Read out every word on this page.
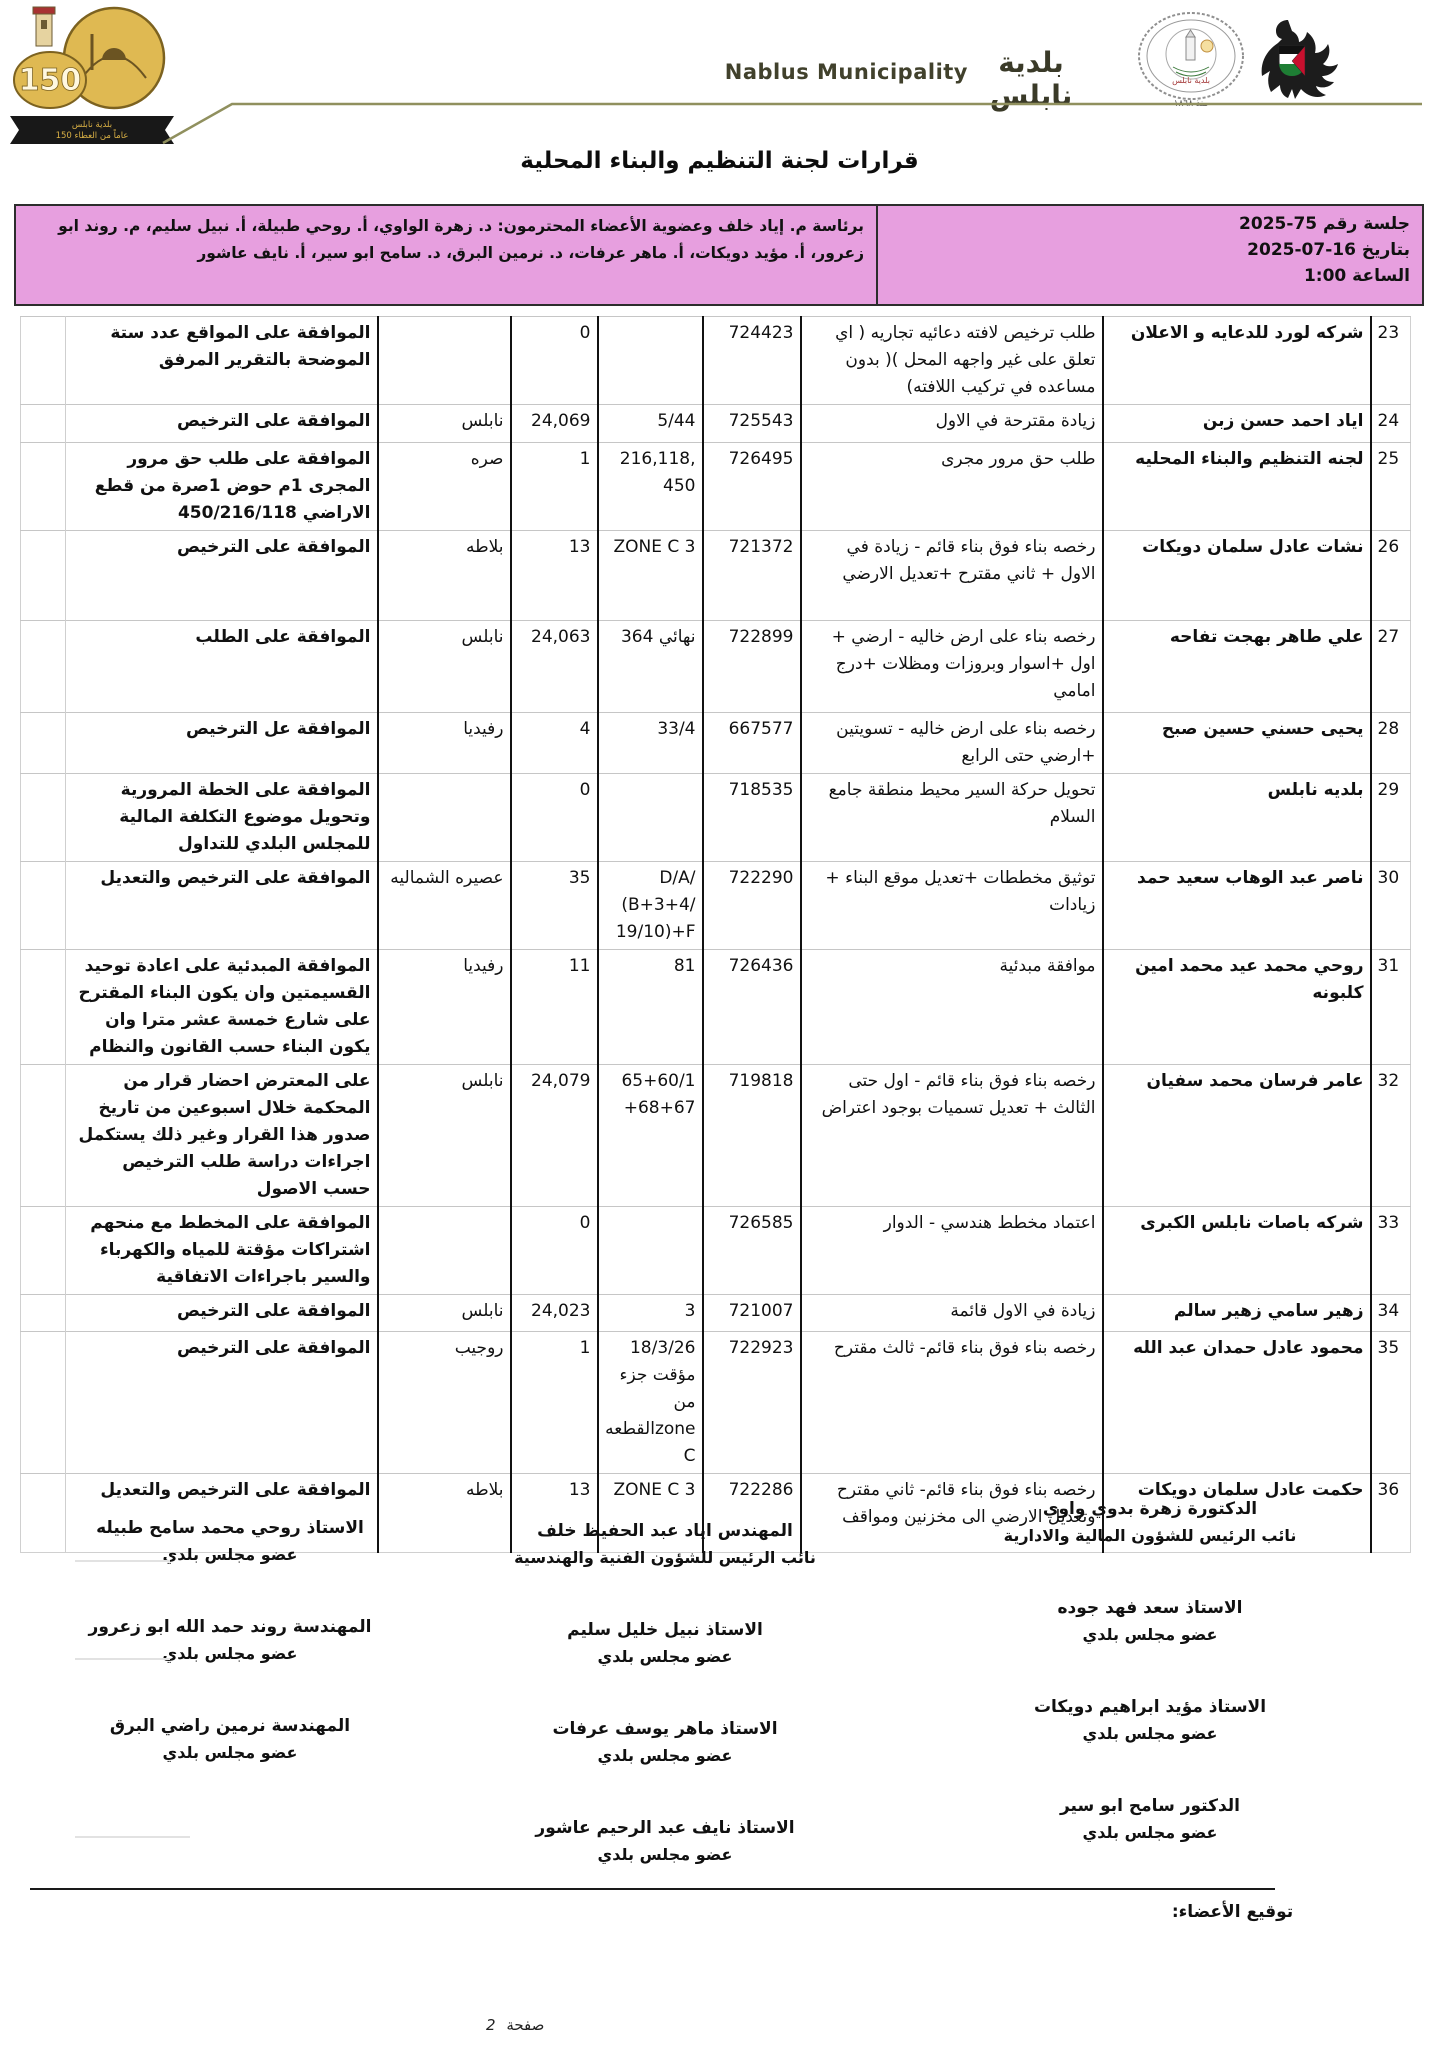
150
بلدية نابلس
150 عاماً من العطاء
Nablus Municipality	بلدية نابلس	بلدية نابلس
منذ ١٨٦٨
قرارات لجنة التنظيم والبناء المحلية
جلسة رقم 75-2025
بتاريخ 16-07-2025
الساعة 1:00
برئاسة م. إياد خلف وعضوية الأعضاء المحترمون: د. زهرة الواوي، أ. روحي طبيلة، أ. نبيل سليم، م. روند ابو زعرور، أ. مؤيد دويكات، أ. ماهر عرفات، د. نرمين البرق، د. سامح ابو سير، أ. نايف عاشور
23	شركه لورد للدعايه و الاعلان	طلب ترخيص لافته دعائيه تجاريه ( اي تعلق على غير واجهه المحل )( بدون مساعده في تركيب اللافته)	724423		0		الموافقة على المواقع عدد ستة الموضحة بالتقرير المرفق	
24	اياد احمد حسن زبن	زيادة مقترحة في الاول	725543	5/44	24,069	نابلس	الموافقة على الترخيص	
25	لجنه التنظيم والبناء المحليه	طلب حق مرور مجرى	726495	216,118, 450	1	صره	الموافقة على طلب حق مرور المجرى 1م حوض 1صرة من قطع الاراضي 450/216/118	
26	نشات عادل سلمان دويكات	رخصه بناء فوق بناء قائم - زيادة في الاول + ثاني مقترح +تعديل الارضي	721372	ZONE C 3	13	بلاطه	الموافقة على الترخيص	
27	علي طاهر بهجت تفاحه	رخصه بناء على ارض خاليه - ارضي + اول +اسوار وبروزات ومظلات +درج امامي	722899	364 نهائي	24,063	نابلس	الموافقة على الطلب	
28	يحيى حسني حسين صبح	رخصه بناء على ارض خاليه - تسويتين +ارضي حتى الرابع	667577	33/4	4	رفيديا	الموافقة عل الترخيص	
29	بلديه نابلس	تحويل حركة السير محيط منطقة جامع السلام	718535		0		الموافقة على الخطة المرورية وتحويل موضوع التكلفة المالية للمجلس البلدي للتداول	
30	ناصر عبد الوهاب سعيد حمد	توثيق مخططات +تعديل موقع البناء + زيادات	722290	D/A/ (B+3+4/ 19/10)+F	35	عصيره الشماليه	الموافقة على الترخيص والتعديل	
31	روحي محمد عيد محمد امين كلبونه	موافقة مبدئية	726436	81	11	رفيديا	الموافقة المبدئية على اعادة توحيد القسيمتين وان يكون البناء المقترح على شارع خمسة عشر مترا وان يكون البناء حسب القانون والنظام	
32	عامر فرسان محمد سفيان	رخصه بناء فوق بناء قائم - اول حتى الثالث + تعديل تسميات بوجود اعتراض	719818	65+60/1 +68+67	24,079	نابلس	على المعترض احضار قرار من المحكمة خلال اسبوعين من تاريخ صدور هذا القرار وغير ذلك يستكمل اجراءات دراسة طلب الترخيص حسب الاصول	
33	شركه باصات نابلس الكبرى	اعتماد مخطط هندسي - الدوار	726585		0		الموافقة على المخطط مع منحهم اشتراكات مؤقتة للمياه والكهرباء والسير باجراءات الاتفاقية	
34	زهير سامي زهير سالم	زيادة في الاول قائمة	721007	3	24,023	نابلس	الموافقة على الترخيص	
35	محمود عادل حمدان عبد الله	رخصه بناء فوق بناء قائم- ثالث مقترح	722923	18/3/26 مؤقت جزء من القطعهzone C	1	روجيب	الموافقة على الترخيص	
36	حكمت عادل سلمان دويكات	رخصه بناء فوق بناء قائم- ثاني مقترح وتعديل الارضي الى مخزنين ومواقف	722286	ZONE C 3	13	بلاطه	الموافقة على الترخيص والتعديل	
الدكتورة زهرة بدوي واوي
نائب الرئيس للشؤون المالية والادارية
الاستاذ سعد فهد جوده
عضو مجلس بلدي
الاستاذ مؤيد ابراهيم دويكات
عضو مجلس بلدي
الدكتور سامح ابو سير
عضو مجلس بلدي
المهندس اياد عبد الحفيظ خلف
نائب الرئيس للشؤون الفنية والهندسية
الاستاذ نبيل خليل سليم
عضو مجلس بلدي
الاستاذ ماهر يوسف عرفات
عضو مجلس بلدي
الاستاذ نايف عبد الرحيم عاشور
عضو مجلس بلدي
الاستاذ روحي محمد سامح طبيله
عضو مجلس بلدي
المهندسة روند حمد الله ابو زعرور
عضو مجلس بلدي
المهندسة نرمين راضي البرق
عضو مجلس بلدي
توقيع الأعضاء:
صفحة 2
